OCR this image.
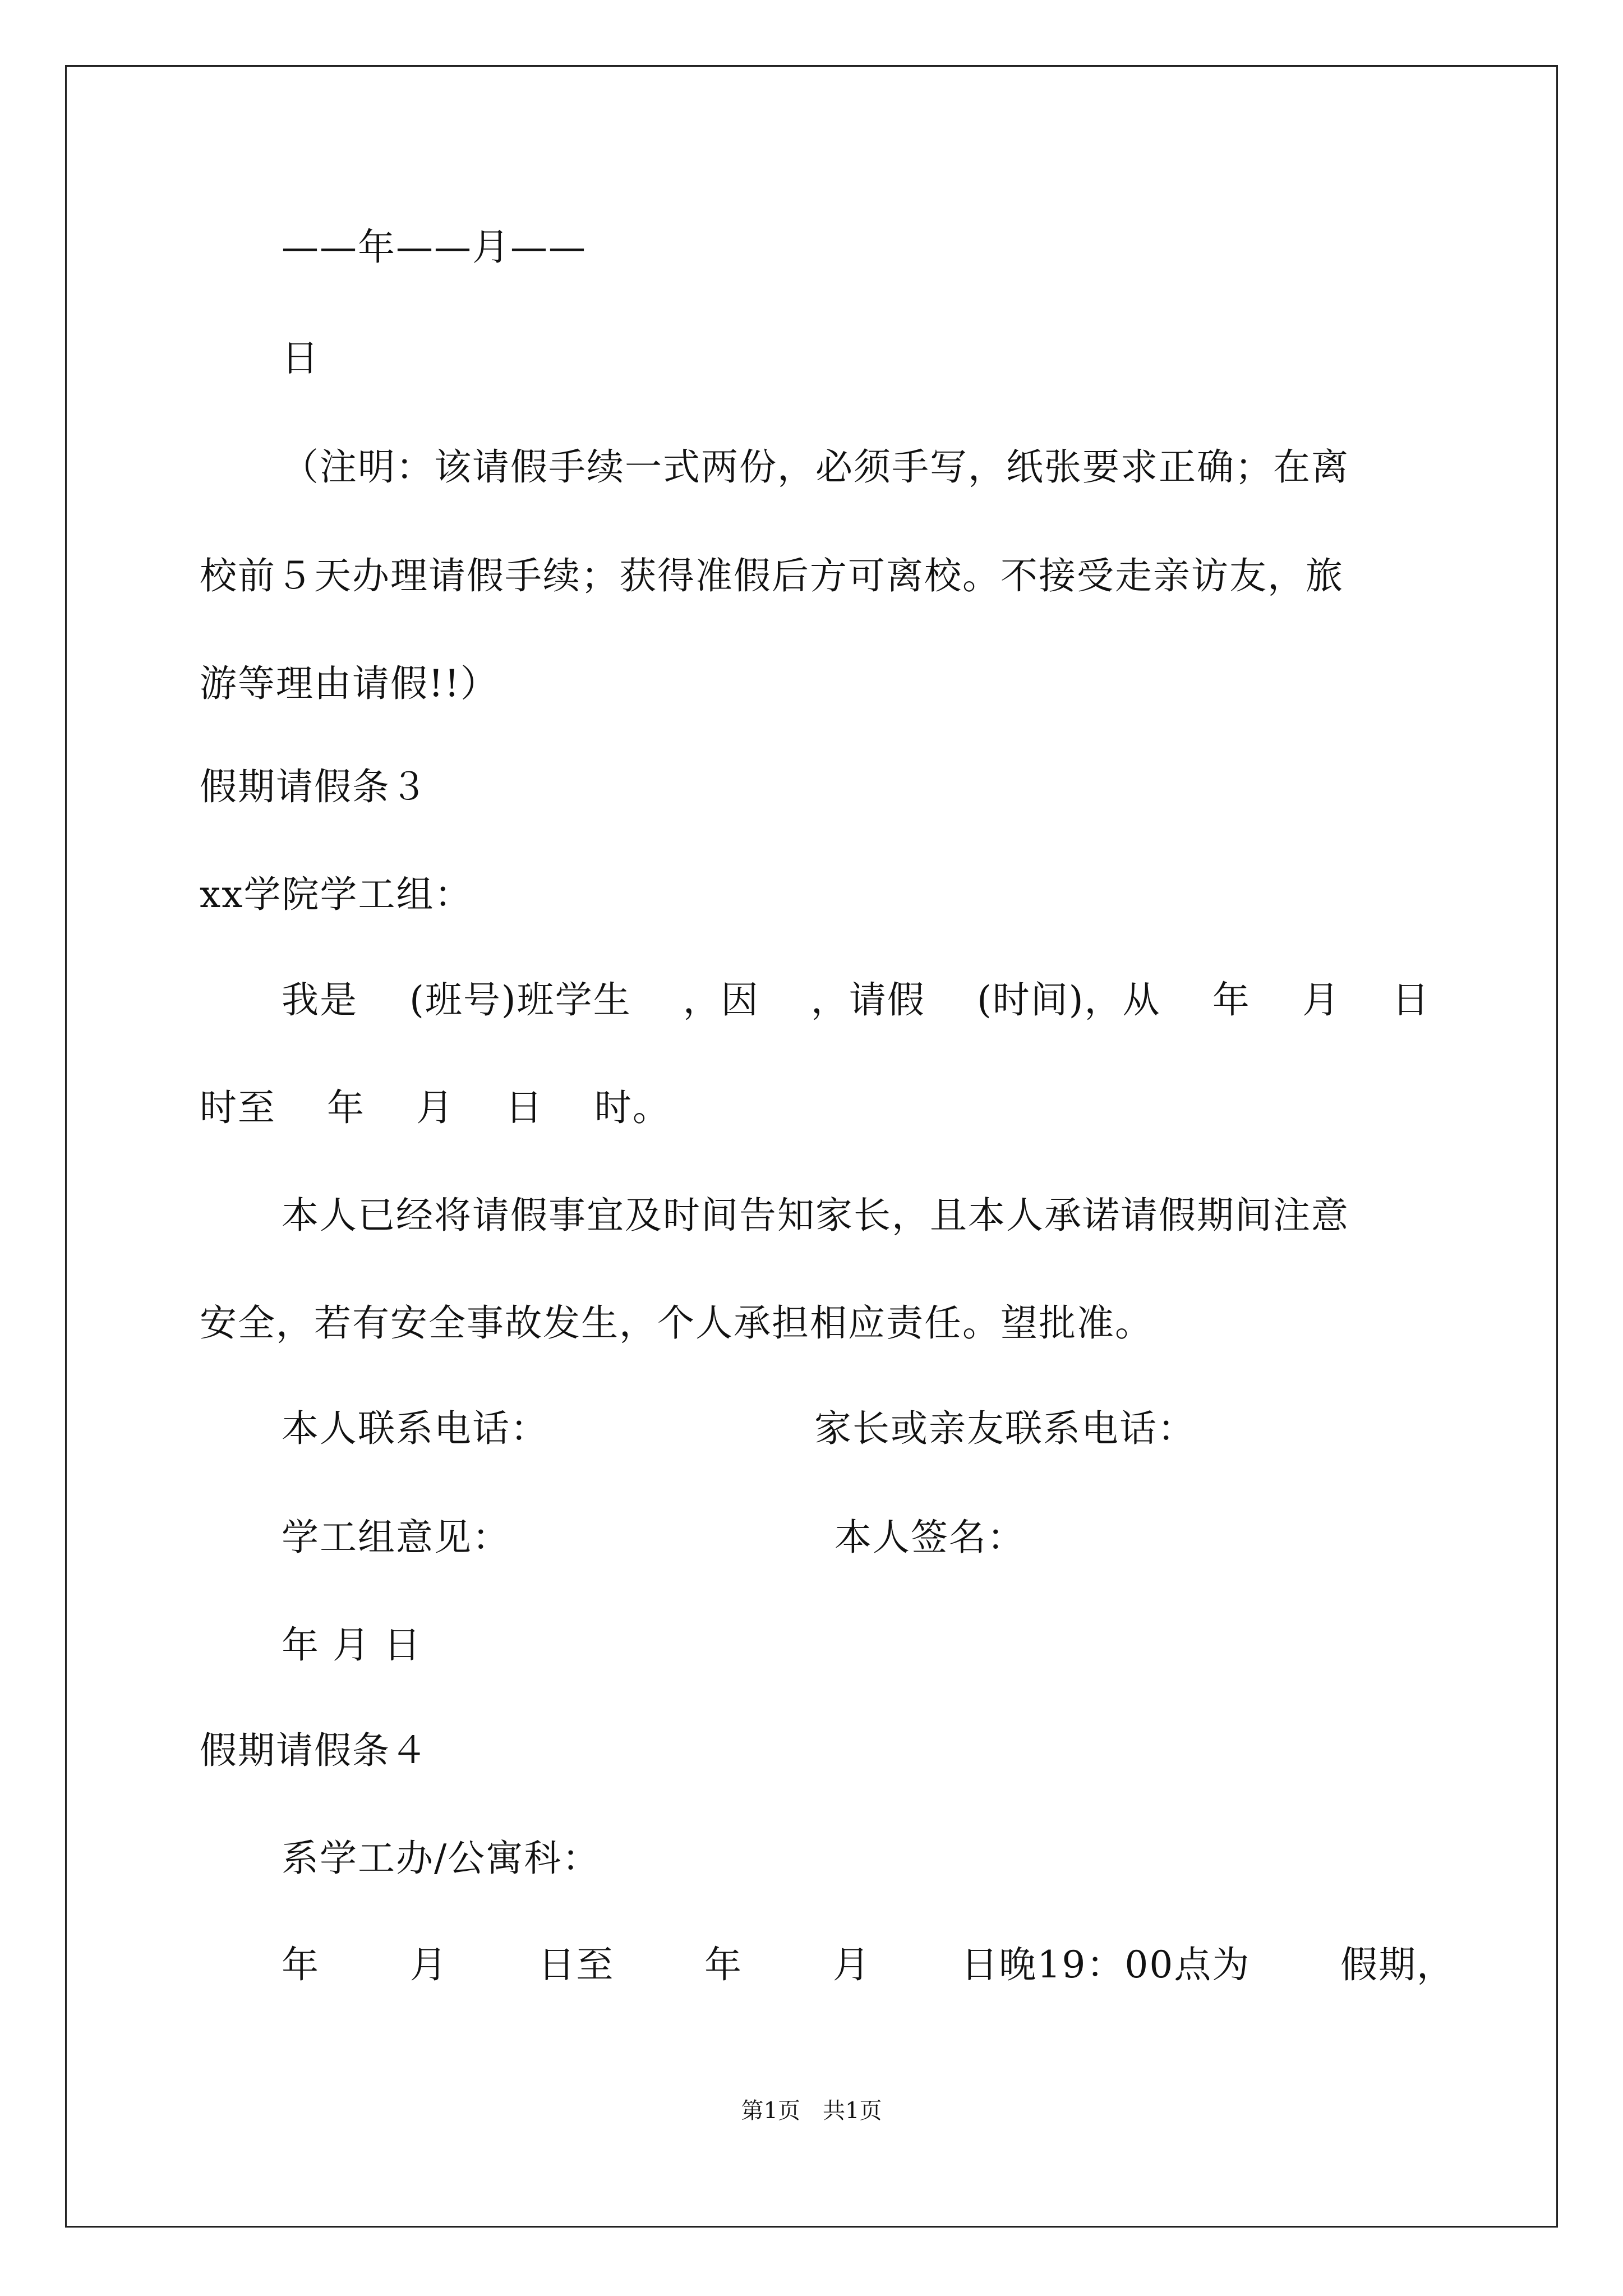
——年——月——
日
（注明：该请假手续一式两份，必须手写，纸张要求正确；在离
校前５天办理请假手续；获得准假后方可离校。不接受走亲访友，旅
游等理由请假!!）
假期请假条３
xx学院学工组：
我是 (班号)班学生 ，因 ，请假 (时间)，从 年 月 日
时至　 年　 月　 日　 时。
本人已经将请假事宜及时间告知家长，且本人承诺请假期间注意
安全，若有安全事故发生，个人承担相应责任。望批准。
本人联系电话：	家长或亲友联系电话：
学工组意见：	本人签名：
年 月 日
假期请假条４
系学工办/公寓科：
年 月 日至 年 月 日晚19：00点为 假期，
第1页　共1页
